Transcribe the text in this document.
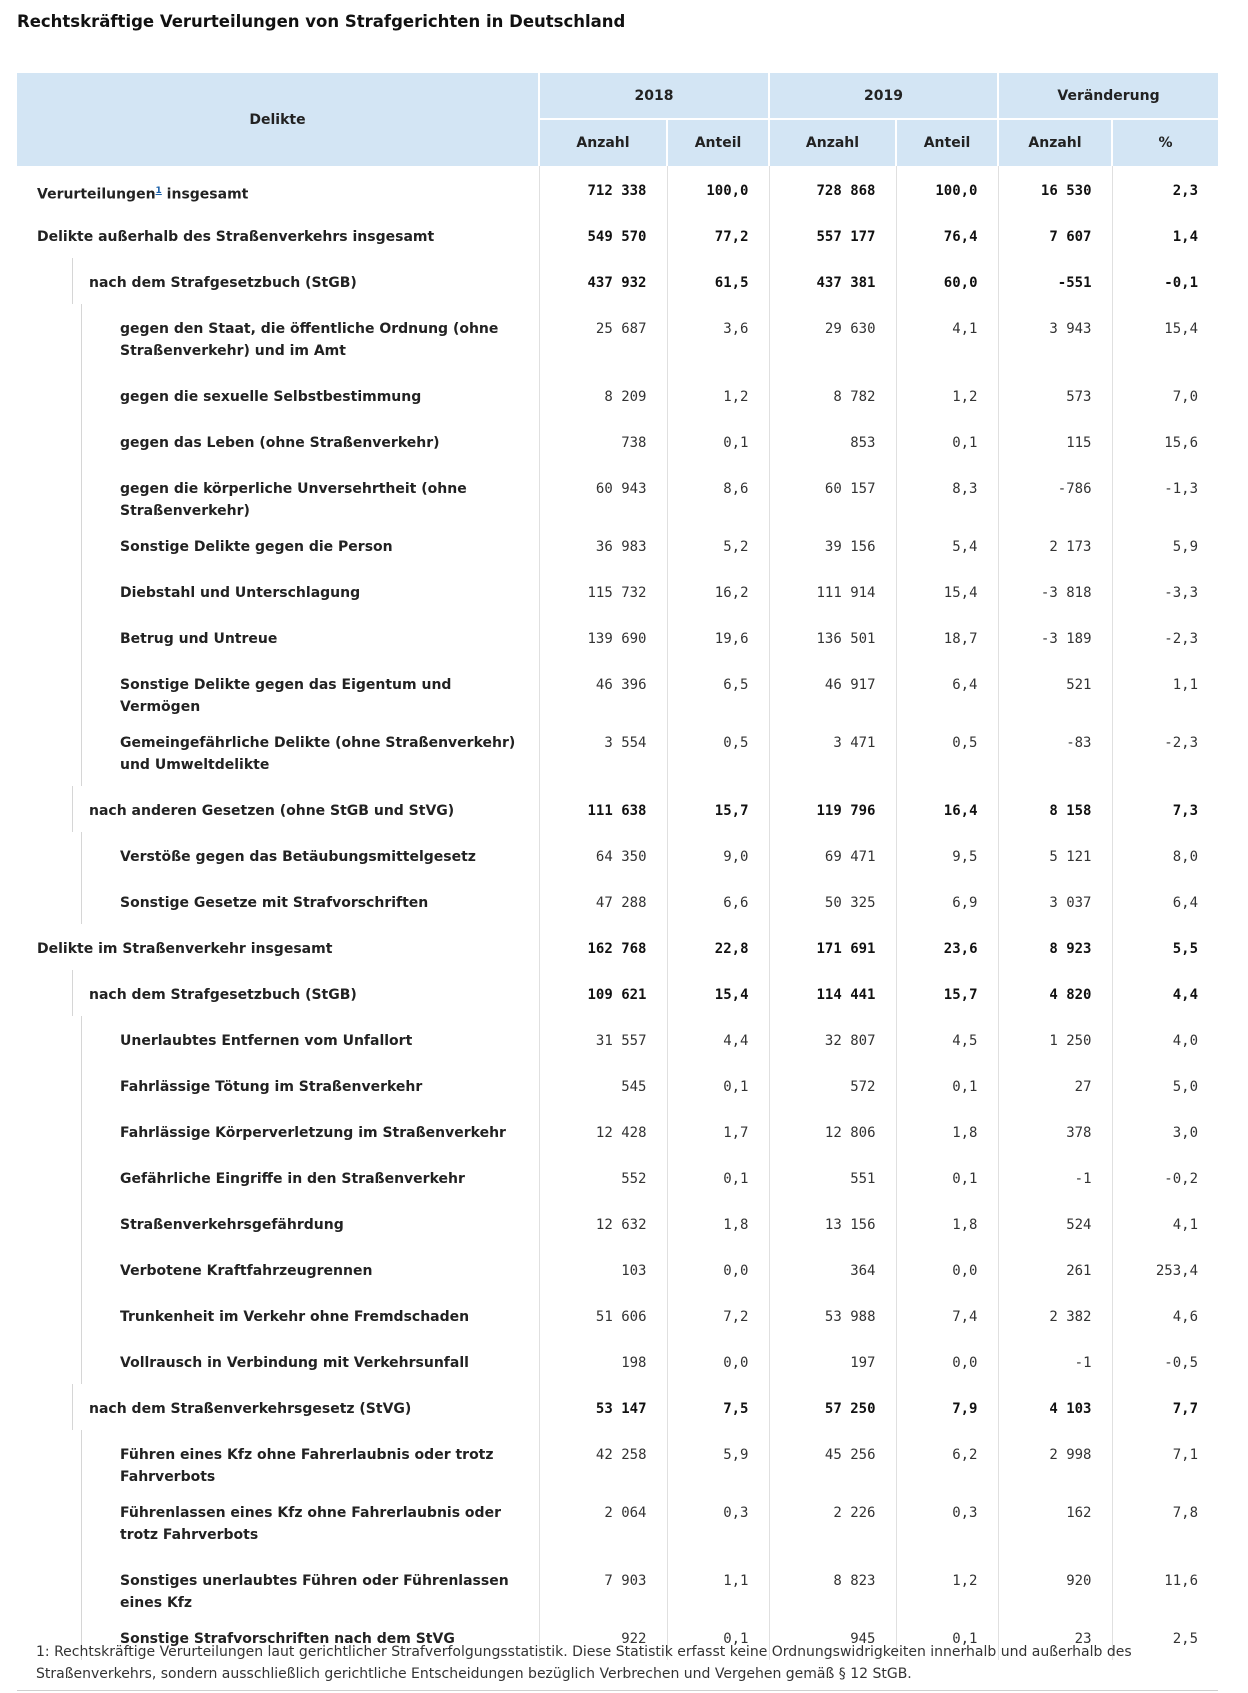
Rechtskräftige Verurteilungen von Strafgerichten in Deutschland
Delikte	2018		2019		Veränderung	
	Anzahl	Anteil	Anzahl	Anteil	Anzahl	%
Verurteilungen$^1$ insgesamt	712 338	100,0	728 868	100,0	16 530	2,3
Delikte außerhalb des Straßenverkehrs insgesamt	549 570	77,2	557 177	76,4	7 607	1,4

nach dem Strafgesetzbuch (StGB)	437 932	61,5	437 381	60,0	-551	-0,1

gegen den Staat, die öffentliche Ordnung (ohne Straßenverkehr) und im Amt	25 687	3,6	29 630	4,1	3 943	15,4

gegen die sexuelle Selbstbestimmung	8 209	1,2	8 782	1,2	573	7,0

gegen das Leben (ohne Straßenverkehr)	738	0,1	853	0,1	115	15,6

gegen die körperliche Unversehrtheit (ohne Straßenverkehr)	60 943	8,6	60 157	8,3	-786	-1,3

Sonstige Delikte gegen die Person	36 983	5,2	39 156	5,4	2 173	5,9

Diebstahl und Unterschlagung	115 732	16,2	111 914	15,4	-3 818	-3,3

Betrug und Untreue	139 690	19,6	136 501	18,7	-3 189	-2,3

Sonstige Delikte gegen das Eigentum und Vermögen	46 396	6,5	46 917	6,4	521	1,1

Gemeingefährliche Delikte (ohne Straßenverkehr) und Umweltdelikte	3 554	0,5	3 471	0,5	-83	-2,3

nach anderen Gesetzen (ohne StGB und StVG)	111 638	15,7	119 796	16,4	8 158	7,3

Verstöße gegen das Betäubungsmittelgesetz	64 350	9,0	69 471	9,5	5 121	8,0

Sonstige Gesetze mit Strafvorschriften	47 288	6,6	50 325	6,9	3 037	6,4
Delikte im Straßenverkehr insgesamt	162 768	22,8	171 691	23,6	8 923	5,5

nach dem Strafgesetzbuch (StGB)	109 621	15,4	114 441	15,7	4 820	4,4

Unerlaubtes Entfernen vom Unfallort	31 557	4,4	32 807	4,5	1 250	4,0

Fahrlässige Tötung im Straßenverkehr	545	0,1	572	0,1	27	5,0

Fahrlässige Körperverletzung im Straßenverkehr	12 428	1,7	12 806	1,8	378	3,0

Gefährliche Eingriffe in den Straßenverkehr	552	0,1	551	0,1	-1	-0,2

Straßenverkehrsgefährdung	12 632	1,8	13 156	1,8	524	4,1

Verbotene Kraftfahrzeugrennen	103	0,0	364	0,0	261	253,4

Trunkenheit im Verkehr ohne Fremdschaden	51 606	7,2	53 988	7,4	2 382	4,6

Vollrausch in Verbindung mit Verkehrsunfall	198	0,0	197	0,0	-1	-0,5

nach dem Straßenverkehrsgesetz (StVG)	53 147	7,5	57 250	7,9	4 103	7,7

Führen eines Kfz ohne Fahrerlaubnis oder trotz Fahrverbots	42 258	5,9	45 256	6,2	2 998	7,1

Führenlassen eines Kfz ohne Fahrerlaubnis oder trotz Fahrverbots	2 064	0,3	2 226	0,3	162	7,8

Sonstiges unerlaubtes Führen oder Führenlassen eines Kfz	7 903	1,1	8 823	1,2	920	11,6

Sonstige Strafvorschriften nach dem StVG	922	0,1	945	0,1	23	2,5
1: Rechtskräftige Verurteilungen laut gerichtlicher Strafverfolgungsstatistik. Diese Statistik erfasst keine Ordnungswidrigkeiten innerhalb und außerhalb des Straßenverkehrs, sondern ausschließlich gerichtliche Entscheidungen bezüglich Verbrechen und Vergehen gemäß § 12 StGB.
